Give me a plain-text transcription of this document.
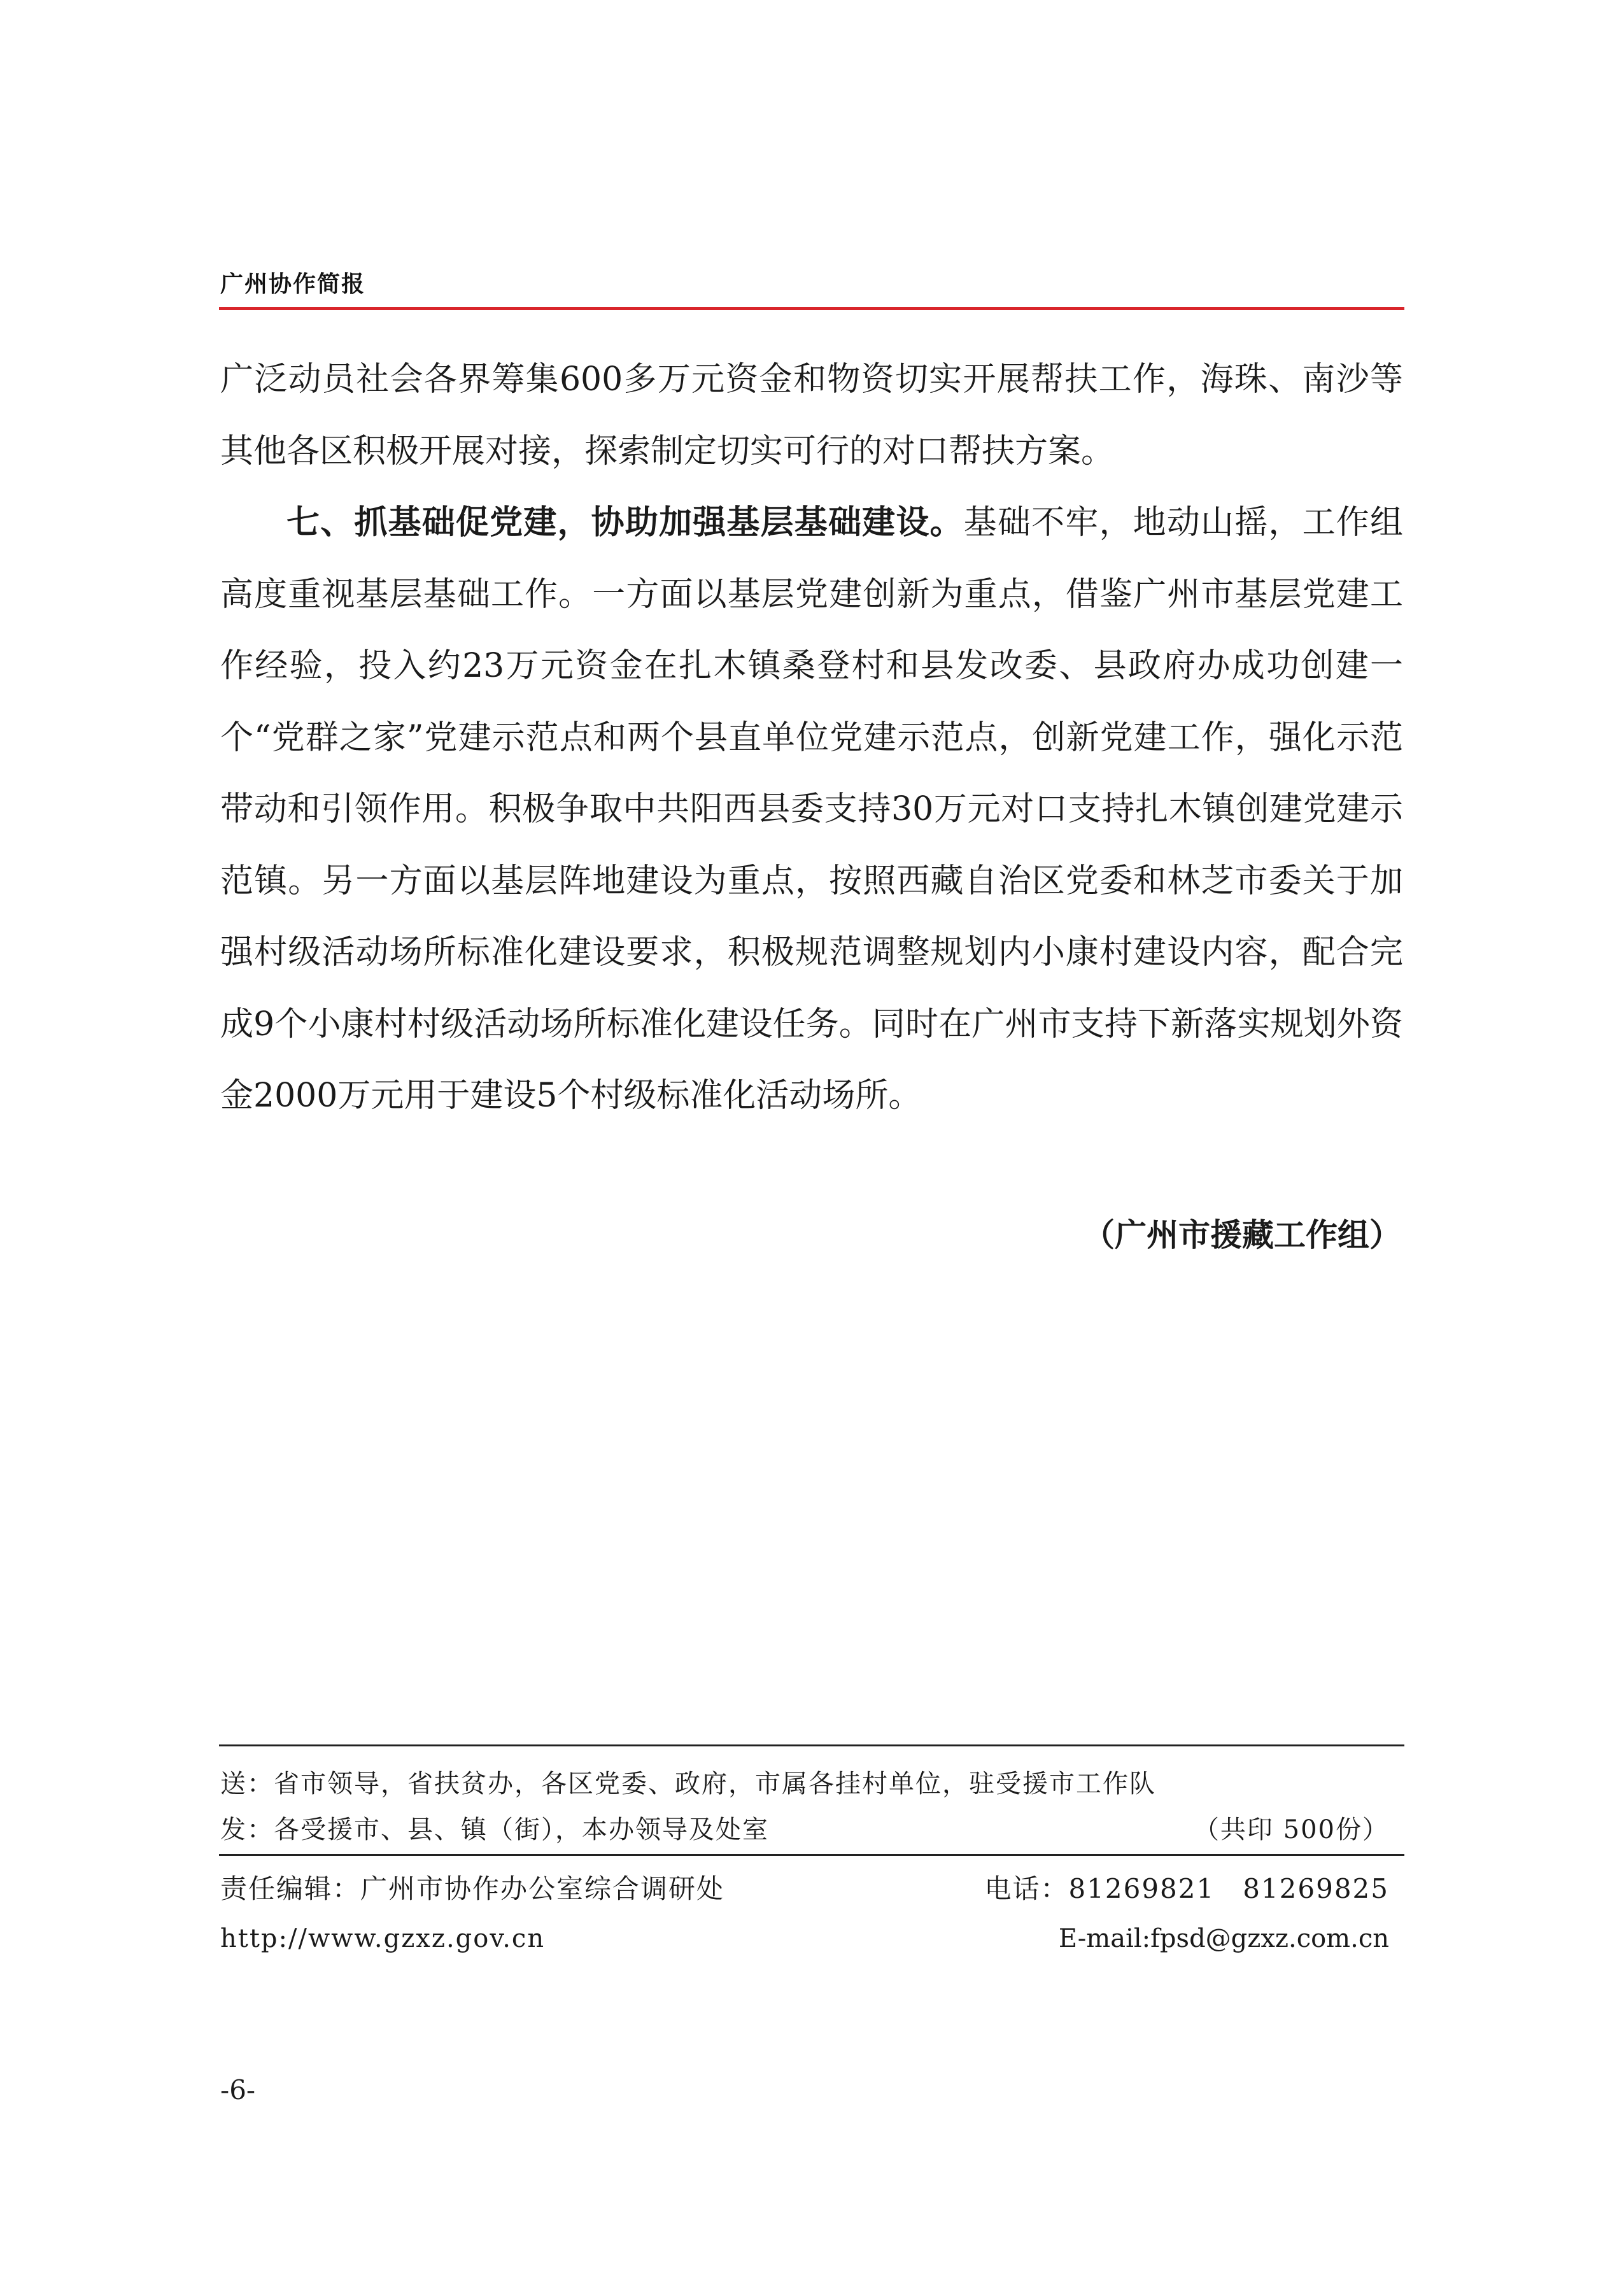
广州协作简报

广泛动员社会各界筹集600多万元资金和物资切实开展帮扶工作，海珠、南沙等其他各区积极开展对接，探索制定切实可行的对口帮扶方案。

七、抓基础促党建，协助加强基层基础建设。基础不牢，地动山摇，工作组高度重视基层基础工作。一方面以基层党建创新为重点，借鉴广州市基层党建工作经验，投入约23万元资金在扎木镇桑登村和县发改委、县政府办成功创建一个“党群之家”党建示范点和两个县直单位党建示范点，创新党建工作，强化示范带动和引领作用。积极争取中共阳西县委支持30万元对口支持扎木镇创建党建示范镇。另一方面以基层阵地建设为重点，按照西藏自治区党委和林芝市委关于加强村级活动场所标准化建设要求，积极规范调整规划内小康村建设内容，配合完成9个小康村村级活动场所标准化建设任务。同时在广州市支持下新落实规划外资金2000万元用于建设5个村级标准化活动场所。

（广州市援藏工作组）
送：省市领导，省扶贫办，各区党委、政府，市属各挂村单位，驻受援市工作队
发：各受援市、县、镇（街），本办领导及处室	（共印 500份）
责任编辑：广州市协作办公室综合调研处	电话：81269821　81269825
http://www.gzxz.gov.cn	E-mail:fpsd@gzxz.com.cn
-6-
